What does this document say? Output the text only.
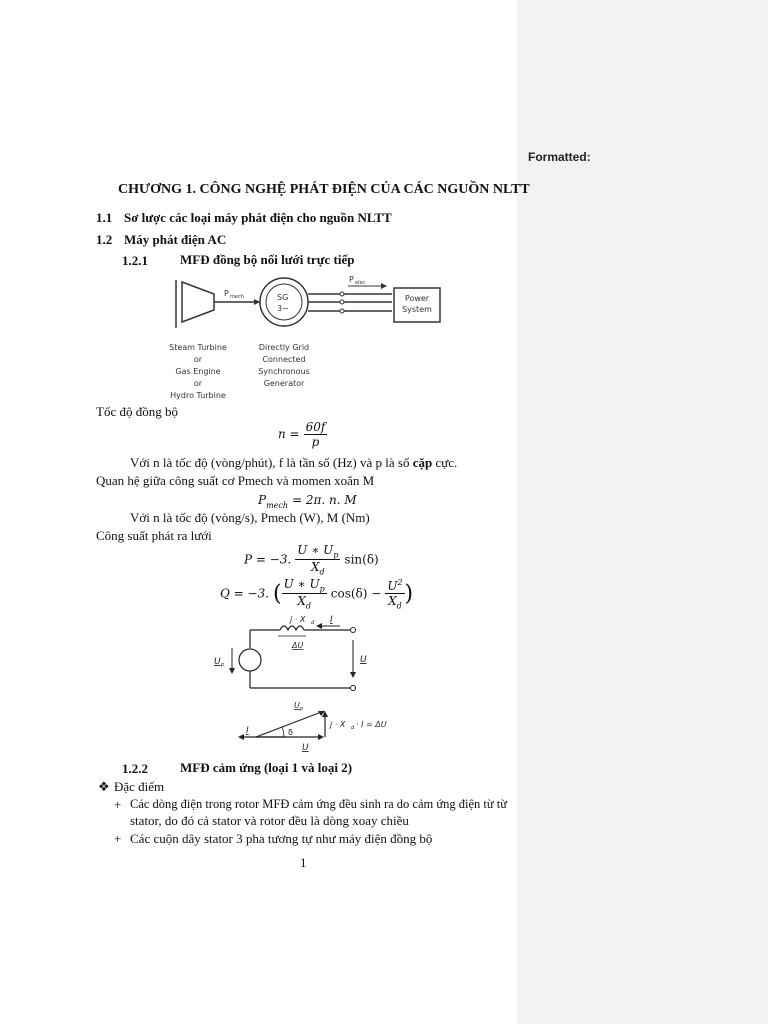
CHƯƠNG 1. CÔNG NGHỆ PHÁT ĐIỆN CỦA CÁC NGUỒN NLTT
1.1 Sơ lược các loại máy phát điện cho nguồn NLTT
1.2 Máy phát điện AC
1.2.1 MFĐ đồng bộ nối lưới trực tiếp
P mech	SG
3~
P elec
Power
System
Steam Turbine
or
Gas Engine
or
Hydro Turbine
Directly Grid
Connected
Synchronous
Generator
Tốc độ đồng bộ
$n = \frac{60f}{p}$
Với n là tốc độ (vòng/phút), f là tần số (Hz) và p là số cặp cực.
Quan hệ giữa công suất cơ Pmech và momen xoắn M
$P_{mech} = 2\pi$. n. M
Với n là tốc độ (vòng/s), Pmech (W), M (Nm)
Công suất phát ra lưới
P = −3. $\frac{U ∗ U_p}{X_d} \sin(\delta)$
Q = −3. ( $\frac{U ∗ U_p}{X_d} \cos(\delta) - \frac{U^2}{X_d}$ )
j · X d I
ΔU
U p	U
U p
I	δ
U
j · X d · I = ΔU
1.2.2 MFĐ cảm ứng (loại 1 và loại 2)
❖ Đặc điểm
+ Các dòng điện trong rotor MFĐ cảm ứng đều sinh ra do cảm ứng điện từ từ
stator, do đó cả stator và rotor đều là dòng xoay chiều
+ Các cuộn dây stator 3 pha tương tự như máy điện đồng bộ
1
Formatted:
